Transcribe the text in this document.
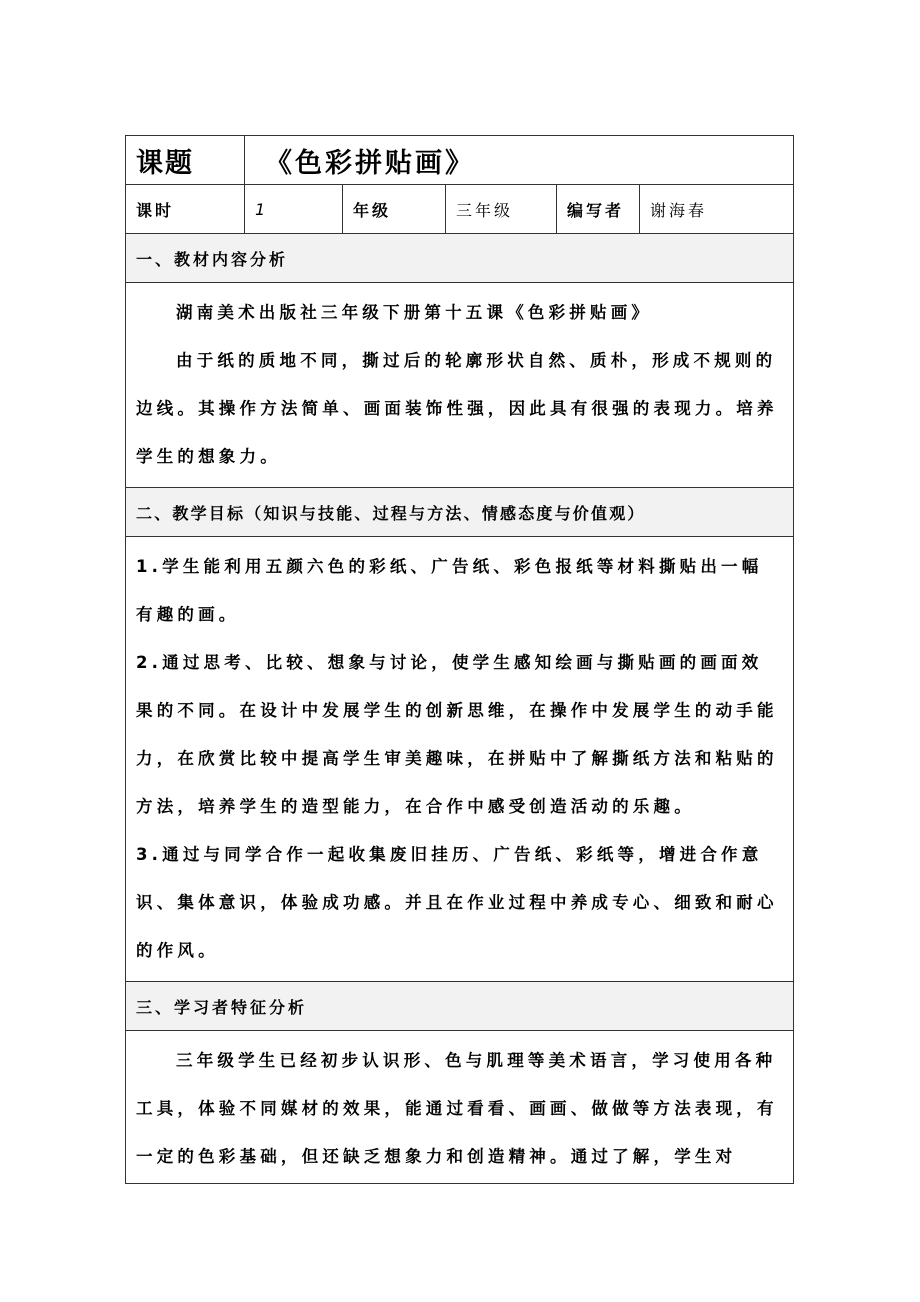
课题	《色彩拼贴画》				
课时	1	年级	三年级	编写者	谢海春
一、教材内容分析					

湖南美术出版社三年级下册第十五课《色彩拼贴画》

由于纸的质地不同，撕过后的轮廓形状自然、质朴，形成不规则的边线。其操作方法简单、画面装饰性强，因此具有很强的表现力。培养学生的想象力。					

二、教学目标（知识与技能、过程与方法、情感态度与价值观）					

1.学生能利用五颜六色的彩纸、广告纸、彩色报纸等材料撕贴出一幅有趣的画。

2.通过思考、比较、想象与讨论，使学生感知绘画与撕贴画的画面效果的不同。在设计中发展学生的创新思维，在操作中发展学生的动手能力，在欣赏比较中提高学生审美趣味，在拼贴中了解撕纸方法和粘贴的方法，培养学生的造型能力，在合作中感受创造活动的乐趣。

3.通过与同学合作一起收集废旧挂历、广告纸、彩纸等，增进合作意识、集体意识，体验成功感。并且在作业过程中养成专心、细致和耐心的作风。					

三、学习者特征分析					

三年级学生已经初步认识形、色与肌理等美术语言，学习使用各种工具，体验不同媒材的效果，能通过看看、画画、做做等方法表现，有一定的色彩基础，但还缺乏想象力和创造精神。通过了解，学生对					
